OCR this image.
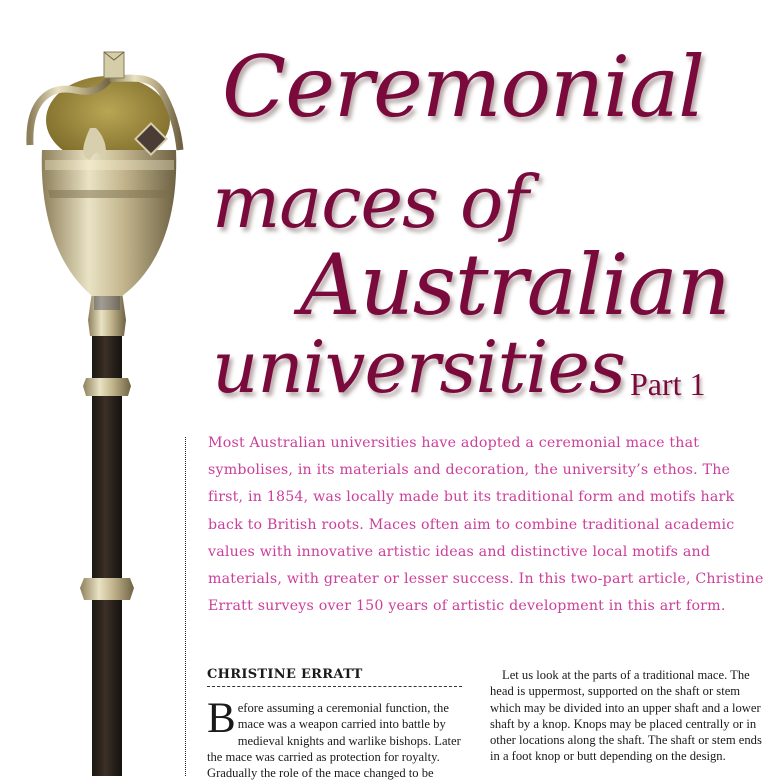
Ceremonial
maces of
Australian
universities Part 1

Most Australian universities have adopted a ceremonial mace that symbolises, in its materials and decoration, the university’s ethos. The first, in 1854, was locally made but its traditional form and motifs hark back to British roots. Maces often aim to combine traditional academic values with innovative artistic ideas and distinctive local motifs and materials, with greater or lesser success. In this two-part article, Christine Erratt surveys over 150 years of artistic development in this art form.

CHRISTINE ERRATT

Before assuming a ceremonial function, the mace was a weapon carried into battle by medieval knights and warlike bishops. Later the mace was carried as protection for royalty. Gradually the role of the mace changed to be

Let us look at the parts of a traditional mace. The head is uppermost, supported on the shaft or stem which may be divided into an upper shaft and a lower shaft by a knop. Knops may be placed centrally or in other locations along the shaft. The shaft or stem ends in a foot knop or butt depending on the design.
